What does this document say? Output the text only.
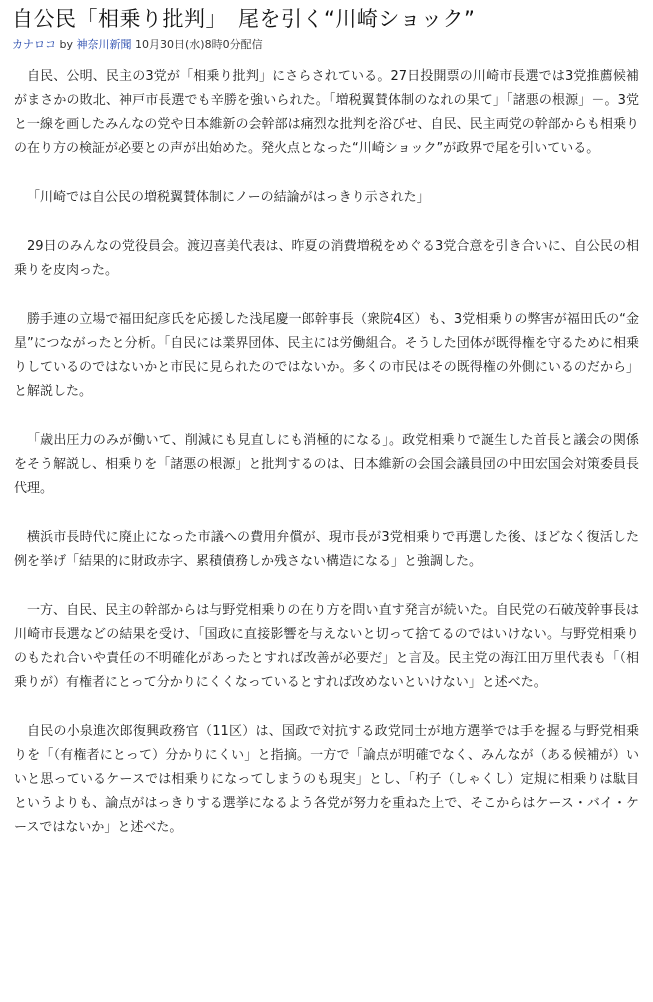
自公民「相乗り批判」　尾を引く“川崎ショック”
カナロコ by 神奈川新聞 10月30日(水)8時0分配信

自民、公明、民主の3党が「相乗り批判」にさらされている。27日投開票の川崎市長選では3党推薦候補がまさかの敗北、神戸市長選でも辛勝を強いられた。「増税翼賛体制のなれの果て」「諸悪の根源」－。3党と一線を画したみんなの党や日本維新の会幹部は痛烈な批判を浴びせ、自民、民主両党の幹部からも相乗りの在り方の検証が必要との声が出始めた。発火点となった“川崎ショック”が政界で尾を引いている。

「川崎では自公民の増税翼賛体制にノーの結論がはっきり示された」

29日のみんなの党役員会。渡辺喜美代表は、昨夏の消費増税をめぐる3党合意を引き合いに、自公民の相乗りを皮肉った。

勝手連の立場で福田紀彦氏を応援した浅尾慶一郎幹事長（衆院4区）も、3党相乗りの弊害が福田氏の“金星”につながったと分析。「自民には業界団体、民主には労働組合。そうした団体が既得権を守るために相乗りしているのではないかと市民に見られたのではないか。多くの市民はその既得権の外側にいるのだから」と解説した。

「歳出圧力のみが働いて、削減にも見直しにも消極的になる」。政党相乗りで誕生した首長と議会の関係をそう解説し、相乗りを「諸悪の根源」と批判するのは、日本維新の会国会議員団の中田宏国会対策委員長代理。

横浜市長時代に廃止になった市議への費用弁償が、現市長が3党相乗りで再選した後、ほどなく復活した例を挙げ「結果的に財政赤字、累積債務しか残さない構造になる」と強調した。

一方、自民、民主の幹部からは与野党相乗りの在り方を問い直す発言が続いた。自民党の石破茂幹事長は川崎市長選などの結果を受け、「国政に直接影響を与えないと切って捨てるのではいけない。与野党相乗りのもたれ合いや責任の不明確化があったとすれば改善が必要だ」と言及。民主党の海江田万里代表も「（相乗りが）有権者にとって分かりにくくなっているとすれば改めないといけない」と述べた。

自民の小泉進次郎復興政務官（11区）は、国政で対抗する政党同士が地方選挙では手を握る与野党相乗りを「（有権者にとって）分かりにくい」と指摘。一方で「論点が明確でなく、みんなが（ある候補が）いいと思っているケースでは相乗りになってしまうのも現実」とし、「杓子（しゃくし）定規に相乗りは駄目というよりも、論点がはっきりする選挙になるよう各党が努力を重ねた上で、そこからはケース・バイ・ケースではないか」と述べた。
